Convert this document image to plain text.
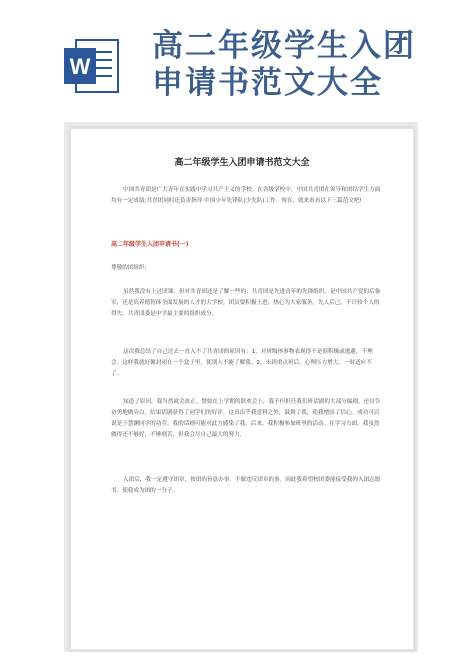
W
高二年级学生入团
申请书范文大全
高二年级学生入团申请书范文大全
中国共青团是广大青年在实践中学习共产主义的学校。在各级学校中，中国共青团在领导和团结学生方面均有一定成绩;共青团同时还负责指导 中国少年先锋队(少先队)工作。现在，就来看看以下三篇范文吧!
高二年级学生入团申请书(一)
尊敬的团组织:
虽然我没有上过团课，但对共青团还是了解一些的：共青团是先进青年的先锋组织，是中国共产党的后备军，还是培养德智体全面发展的人才的大学校。团员要积极上进，热心为大家服务，先人后己，不计较个人的得失。共青团委是中学最主要的组织成分。
这次我总结了自己过去一直入不了共青团的原因有：1，对班级体事物表现得不是很积极或逃避，不理会。这样我就好像封闭在一个盒子里，使别人不能了解我。2，未到重点班后，心理压力增大，一时适应不了。
知道了原因，我当然就会改正。譬如在上学期的联欢会上，我不但担任我们班话剧的大部分编剧，还自告奋勇地做旁白，结果话剧获得了同学们的好评。这真出乎我意料之外，鼓舞了我，使我增添了信心。成功可以说是于慧渊同学的功劳，我的话剧可能对此方感染了我。后来，我积极参加班里的活动。在学习方面，我虽然做得还不够好，不够刻苦，但我会尽自己最大的努力。
入团后，我一定遵守团章，按团的旨意办事，不做违反团章的事。因此我希望校团委能接受我的入团志愿书，使我成为团的一分子。
